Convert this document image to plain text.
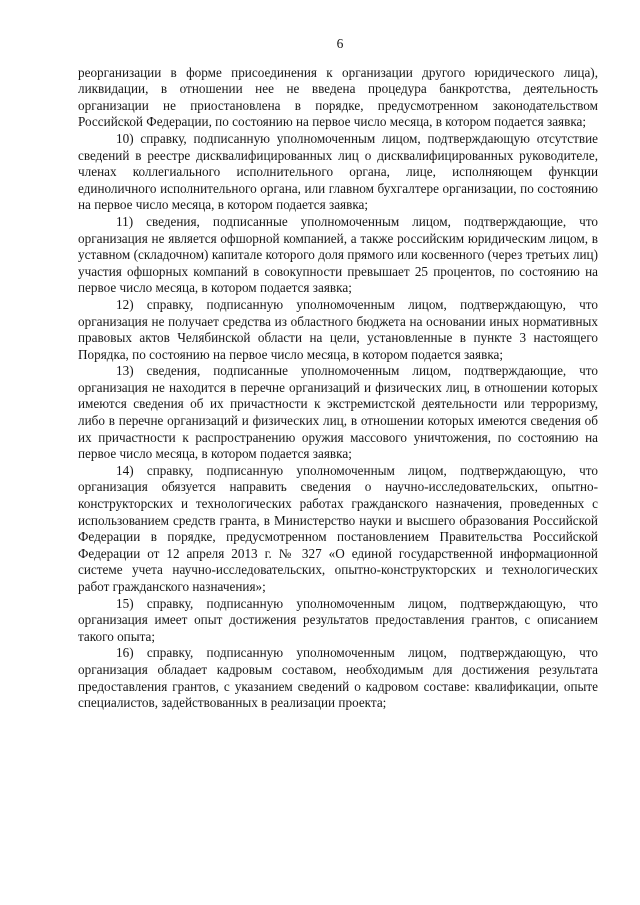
6

реорганизации в форме присоединения к организации другого юридического лица), ликвидации, в отношении нее не введена процедура банкротства, деятельность организации не приостановлена в порядке, предусмотренном законодательством Российской Федерации, по состоянию на первое число месяца, в котором подается заявка;

10) справку, подписанную уполномоченным лицом, подтверждающую отсутствие сведений в реестре дисквалифицированных лиц о дисквалифицированных руководителе, членах коллегиального исполнительного органа, лице, исполняющем функции единоличного исполнительного органа, или главном бухгалтере организации, по состоянию на первое число месяца, в котором подается заявка;

11) сведения, подписанные уполномоченным лицом, подтверждающие, что организация не является офшорной компанией, а также российским юридическим лицом, в уставном (складочном) капитале которого доля прямого или косвенного (через третьих лиц) участия офшорных компаний в совокупности превышает 25 процентов, по состоянию на первое число месяца, в котором подается заявка;

12) справку, подписанную уполномоченным лицом, подтверждающую, что организация не получает средства из областного бюджета на основании иных нормативных правовых актов Челябинской области на цели, установленные в пункте 3 настоящего Порядка, по состоянию на первое число месяца, в котором подается заявка;

13) сведения, подписанные уполномоченным лицом, подтверждающие, что организация не находится в перечне организаций и физических лиц, в отношении которых имеются сведения об их причастности к экстремистской деятельности или терроризму, либо в перечне организаций и физических лиц, в отношении которых имеются сведения об их причастности к распространению оружия массового уничтожения, по состоянию на первое число месяца, в котором подается заявка;

14) справку, подписанную уполномоченным лицом, подтверждающую, что организация обязуется направить сведения о научно-исследовательских, опытно-конструкторских и технологических работах гражданского назначения, проведенных с использованием средств гранта, в Министерство науки и высшего образования Российской Федерации в порядке, предусмотренном постановлением Правительства Российской Федерации от 12 апреля 2013 г. № 327 «О единой государственной информационной системе учета научно-исследовательских, опытно-конструкторских и технологических работ гражданского назначения»;

15) справку, подписанную уполномоченным лицом, подтверждающую, что организация имеет опыт достижения результатов предоставления грантов, с описанием такого опыта;

16) справку, подписанную уполномоченным лицом, подтверждающую, что организация обладает кадровым составом, необходимым для достижения результата предоставления грантов, с указанием сведений о кадровом составе: квалификации, опыте специалистов, задействованных в реализации проекта;
